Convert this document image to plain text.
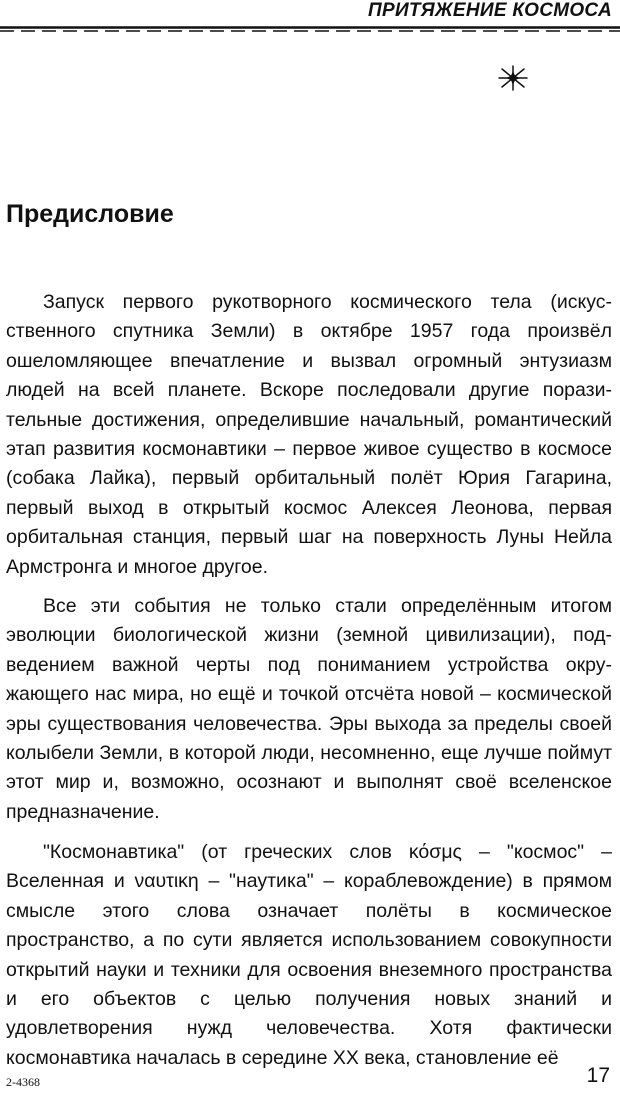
ПРИТЯЖЕНИЕ КОСМОСА
Предисловие

Запуск первого рукотворного космического тела (искусственного спутника Земли) в октябре 1957 года произвёл ошеломляющее впечатление и вызвал огромный энтузиазм людей на всей планете. Вскоре последовали другие поразительные достижения, определившие начальный, романтический этап развития космонавтики – первое живое существо в космосе (собака Лайка), первый орбитальный полёт Юрия Гагарина, первый выход в открытый космос Алексея Леонова, первая орбитальная станция, первый шаг на поверхность Луны Нейла Армстронга и многое другое.

Все эти события не только стали определённым итогом эволюции биологической жизни (земной цивилизации), подведением важной черты под пониманием устройства окружающего нас мира, но ещё и точкой отсчёта новой – космической эры существования человечества. Эры выхода за пределы своей колыбели Земли, в которой люди, несомненно, еще лучше поймут этот мир и, возможно, осознают и выполнят своё вселенское предназначение.

"Космонавтика" (от греческих слов κόσμς – "космос" – Вселенная и ναυτικη – "наутика" – кораблевождение) в прямом смысле этого слова означает полёты в космическое пространство, а по сути является использованием совокупности открытий науки и техники для освоения внеземного пространства и его объектов с целью получения новых знаний и удовлетворения нужд человечества. Хотя фактически космонавтика началась в середине XX века, становление её

2-4368	17
